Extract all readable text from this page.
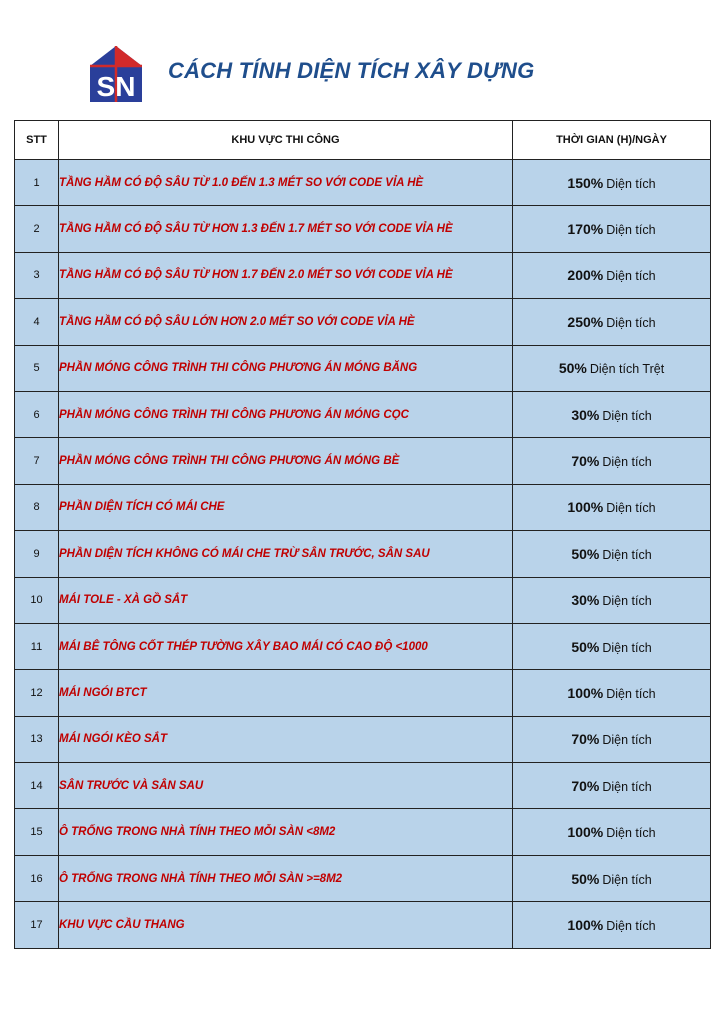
SN
CÁCH TÍNH DIỆN TÍCH XÂY DỰNG
STT	KHU VỰC THI CÔNG	THỜI GIAN (H)/NGÀY
1	TẦNG HẦM CÓ ĐỘ SÂU TỪ 1.0 ĐẾN 1.3 MÉT SO VỚI CODE VỈA HÈ	150% Diện tích
2	TẦNG HẦM CÓ ĐỘ SÂU TỪ HƠN 1.3 ĐẾN 1.7 MÉT SO VỚI CODE VỈA HÈ	170% Diện tích
3	TẦNG HẦM CÓ ĐỘ SÂU TỪ HƠN 1.7 ĐẾN 2.0 MÉT SO VỚI CODE VỈA HÈ	200% Diện tích
4	TẦNG HẦM CÓ ĐỘ SÂU LỚN HƠN 2.0 MÉT SO VỚI CODE VỈA HÈ	250% Diện tích
5	PHẦN MÓNG CÔNG TRÌNH THI CÔNG PHƯƠNG ÁN MÓNG BĂNG	50% Diện tích Trệt
6	PHẦN MÓNG CÔNG TRÌNH THI CÔNG PHƯƠNG ÁN MÓNG CỌC	30% Diện tích
7	PHẦN MÓNG CÔNG TRÌNH THI CÔNG PHƯƠNG ÁN MÓNG BÈ	70% Diện tích
8	PHẦN DIỆN TÍCH CÓ MÁI CHE	100% Diện tích
9	PHẦN DIỆN TÍCH KHÔNG CÓ MÁI CHE TRỪ SÂN TRƯỚC, SÂN SAU	50% Diện tích
10	MÁI TOLE - XÀ GỒ SẮT	30% Diện tích
11	MÁI BÊ TÔNG CỐT THÉP TƯỜNG XÂY BAO MÁI CÓ CAO ĐỘ <1000	50% Diện tích
12	MÁI NGÓI BTCT	100% Diện tích
13	MÁI NGÓI KÈO SẮT	70% Diện tích
14	SÂN TRƯỚC VÀ SÂN SAU	70% Diện tích
15	Ô TRỐNG TRONG NHÀ TÍNH THEO MỖI SÀN <8M2	100% Diện tích
16	Ô TRỐNG TRONG NHÀ TÍNH THEO MỖI SÀN >=8M2	50% Diện tích
17	KHU VỰC CẦU THANG	100% Diện tích
